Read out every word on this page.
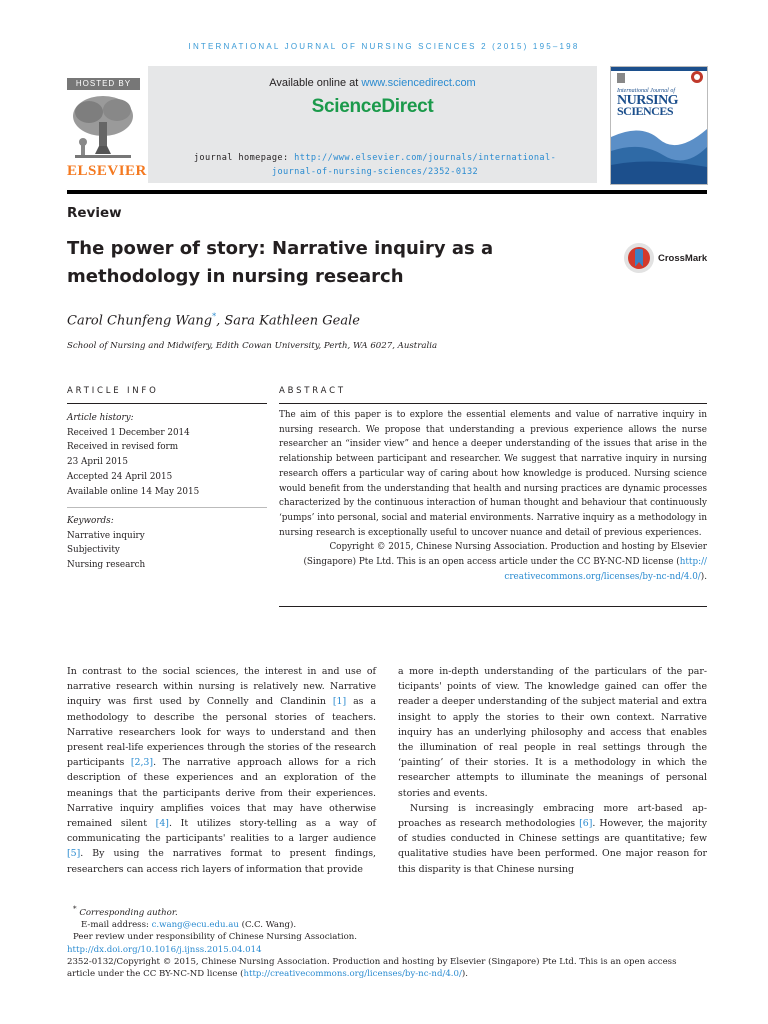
INTERNATIONAL JOURNAL OF NURSING SCIENCES 2 (2015) 195–198
HOSTED BY
ELSEVIER
Available online at www.sciencedirect.com
ScienceDirect
journal homepage: http://www.elsevier.com/journals/international-
journal-of-nursing-sciences/2352-0132
International Journal of
NURSING
SCIENCES
Review
The power of story: Narrative inquiry as a
methodology in nursing research
CrossMark
Carol Chunfeng Wang*, Sara Kathleen Geale
School of Nursing and Midwifery, Edith Cowan University, Perth, WA 6027, Australia
ARTICLE INFO
Article history:
Received 1 December 2014
Received in revised form
23 April 2015
Accepted 24 April 2015
Available online 14 May 2015
Keywords:
Narrative inquiry
Subjectivity
Nursing research
ABSTRACT

The aim of this paper is to explore the essential elements and value of narrative inquiry in nursing research. We propose that understanding a previous experience allows the nurse researcher an “insider view” and hence a deeper understanding of the issues that arise in the relationship between participant and researcher. We suggest that narrative inquiry in nursing research offers a particular way of caring about how knowledge is produced. Nursing science would benefit from the understanding that health and nursing practices are dynamic processes characterized by the continuous interaction of human thought and behaviour that continuously ‘pumps’ into personal, social and material environments. Narrative inquiry as a methodology in nursing research is exceptionally useful to uncover nuance and detail of previous experiences.

Copyright © 2015, Chinese Nursing Association. Production and hosting by Elsevier
(Singapore) Pte Ltd. This is an open access article under the CC BY-NC-ND license (http://
creativecommons.org/licenses/by-nc-nd/4.0/).

In contrast to the social sciences, the interest in and use of narrative research within nursing is relatively new. Narrative inquiry was first used by Connelly and Clandinin [1] as a methodology to describe the personal stories of teachers. Narrative researchers look for ways to understand and then present real-life experiences through the stories of the research participants [2,3]. The narrative approach allows for a rich description of these experiences and an exploration of the meanings that the participants derive from their experiences. Narrative inquiry amplifies voices that may have otherwise remained silent [4]. It utilizes story-telling as a way of communicating the participants' realities to a larger audience [5]. By using the narratives format to present findings, researchers can access rich layers of information that provide

a more in-depth understanding of the particulars of the participants' points of view. The knowledge gained can offer the reader a deeper understanding of the subject material and extra insight to apply the stories to their own context. Narrative inquiry has an underlying philosophy and access that enables the illumination of real people in real settings through the ‘painting’ of their stories. It is a methodology in which the researcher attempts to illuminate the meanings of personal stories and events.

Nursing is increasingly embracing more art-based approaches as research methodologies [6]. However, the majority of studies conducted in Chinese settings are quantitative; few qualitative studies have been performed. One major reason for this disparity is that Chinese nursing

* Corresponding author.

E-mail address: c.wang@ecu.edu.au (C.C. Wang).

Peer review under responsibility of Chinese Nursing Association.

http://dx.doi.org/10.1016/j.ijnss.2015.04.014

2352-0132/Copyright © 2015, Chinese Nursing Association. Production and hosting by Elsevier (Singapore) Pte Ltd. This is an open access

article under the CC BY-NC-ND license (http://creativecommons.org/licenses/by-nc-nd/4.0/).
